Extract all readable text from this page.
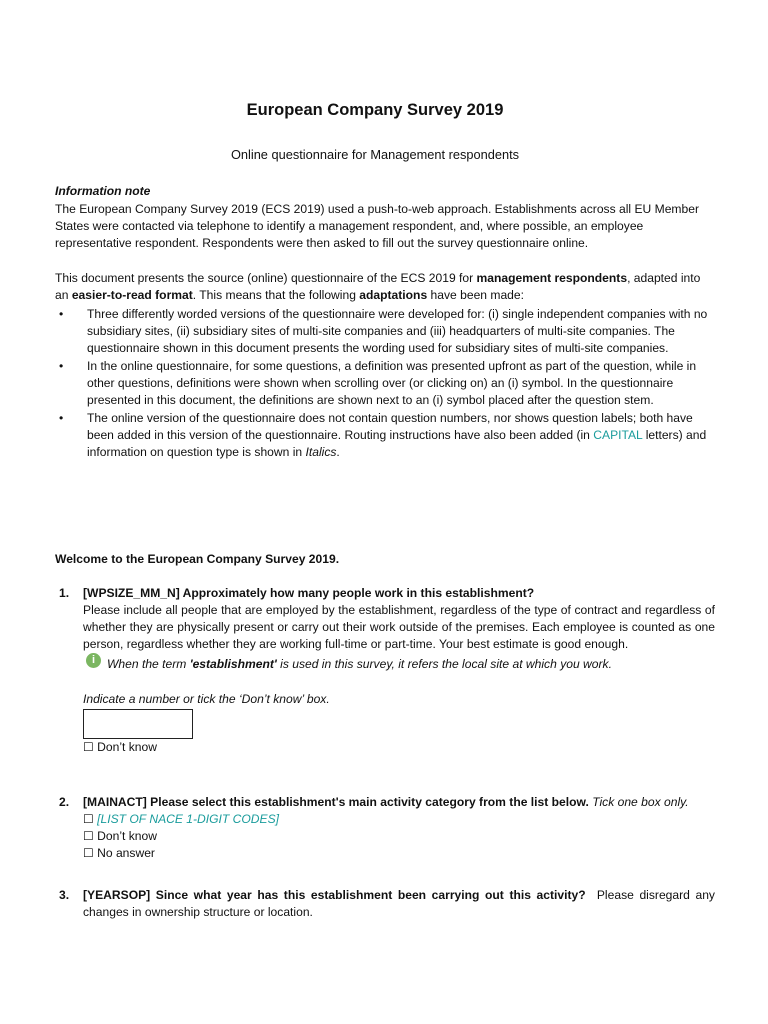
European Company Survey 2019

Online questionnaire for Management respondents

Information note

The European Company Survey 2019 (ECS 2019) used a push-to-web approach. Establishments across all EU Member States were contacted via telephone to identify a management respondent, and, where possible, an employee representative respondent. Respondents were then asked to fill out the survey questionnaire online.

This document presents the source (online) questionnaire of the ECS 2019 for management respondents, adapted into an easier-to-read format. This means that the following adaptations have been made:

• Three differently worded versions of the questionnaire were developed for: (i) single independent companies with no subsidiary sites, (ii) subsidiary sites of multi-site companies and (iii) headquarters of multi-site companies. The questionnaire shown in this document presents the wording used for subsidiary sites of multi-site companies.
• In the online questionnaire, for some questions, a definition was presented upfront as part of the question, while in other questions, definitions were shown when scrolling over (or clicking on) an (i) symbol. In the questionnaire presented in this document, the definitions are shown next to an (i) symbol placed after the question stem.
• The online version of the questionnaire does not contain question numbers, nor shows question labels; both have been added in this version of the questionnaire. Routing instructions have also been added (in CAPITAL letters) and information on question type is shown in Italics.

Welcome to the European Company Survey 2019.

1. [WPSIZE_MM_N] Approximately how many people work in this establishment?
Please include all people that are employed by the establishment, regardless of the type of contract and regardless of whether they are physically present or carry out their work outside of the premises. Each employee is counted as one person, regardless whether they are working full-time or part-time. Your best estimate is good enough.
i When the term 'establishment' is used in this survey, it refers the local site at which you work.
Indicate a number or tick the ‘Don’t know’ box.
☐ Don’t know
2. [MAINACT] Please select this establishment's main activity category from the list below. Tick one box only.
☐ [LIST OF NACE 1-DIGIT CODES]
☐ Don’t know
☐ No answer
3. [YEARSOP] Since what year has this establishment been carrying out this activity? Please disregard any changes in ownership structure or location.
